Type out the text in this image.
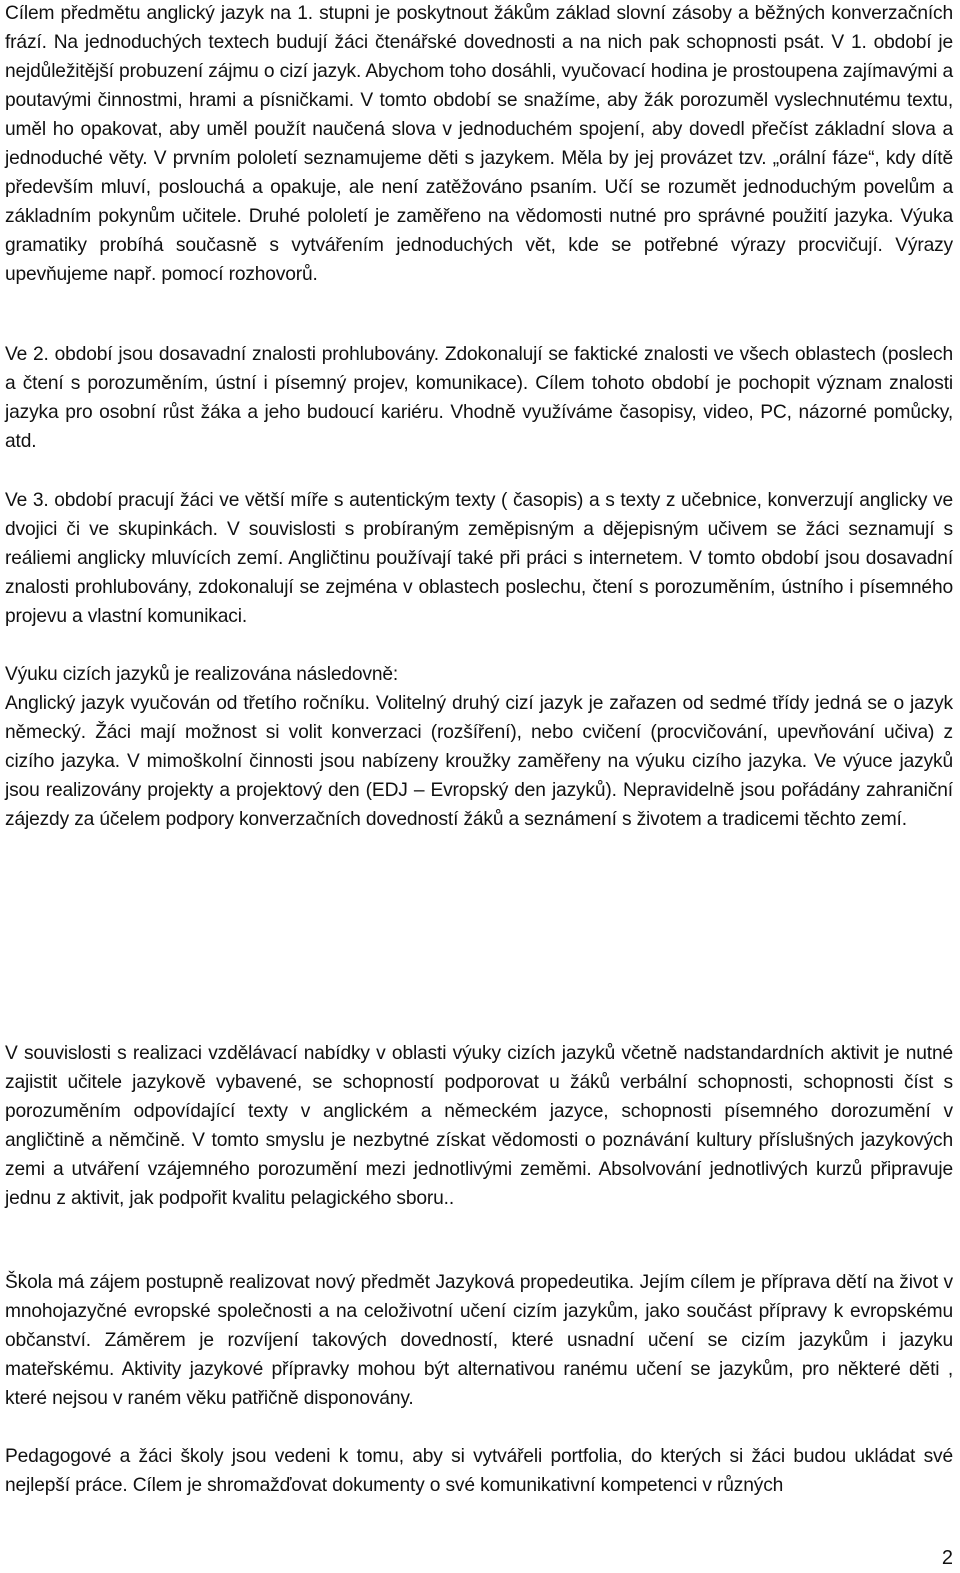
Cílem předmětu anglický jazyk na 1. stupni je poskytnout žákům základ slovní zásoby a běžných konverzačních frází. Na jednoduchých textech budují žáci čtenářské dovednosti a na nich pak schopnosti psát. V 1. období je nejdůležitější probuzení zájmu o cizí jazyk. Abychom toho dosáhli, vyučovací hodina je prostoupena zajímavými a poutavými činnostmi, hrami a písničkami. V tomto období se snažíme, aby žák porozuměl vyslechnutému textu, uměl ho opakovat, aby uměl použít naučená slova v jednoduchém spojení, aby dovedl přečíst základní slova a jednoduché věty. V prvním pololetí seznamujeme děti s jazykem. Měla by jej provázet tzv. „orální fáze“, kdy dítě především mluví, poslouchá a opakuje, ale není zatěžováno psaním. Učí se rozumět jednoduchým povelům a základním pokynům učitele. Druhé pololetí je zaměřeno na vědomosti nutné pro správné použití jazyka. Výuka gramatiky probíhá současně s vytvářením jednoduchých vět, kde se potřebné výrazy procvičují. Výrazy upevňujeme např. pomocí rozhovorů.

Ve 2. období jsou dosavadní znalosti prohlubovány. Zdokonalují se faktické znalosti ve všech oblastech (poslech a čtení s porozuměním, ústní i písemný projev, komunikace). Cílem tohoto období je pochopit význam znalosti jazyka pro osobní růst žáka a jeho budoucí kariéru. Vhodně využíváme časopisy, video, PC, názorné pomůcky, atd.

Ve 3. období pracují žáci ve větší míře s autentickým texty ( časopis) a s texty z učebnice, konverzují anglicky ve dvojici či ve skupinkách. V souvislosti s probíraným zeměpisným a dějepisným učivem se žáci seznamují s reáliemi anglicky mluvících zemí. Angličtinu používají také při práci s internetem. V tomto období jsou dosavadní znalosti prohlubovány, zdokonalují se zejména v oblastech poslechu, čtení s porozuměním, ústního i písemného projevu a vlastní komunikaci.

Výuku cizích jazyků je realizována následovně:
Anglický jazyk vyučován od třetího ročníku. Volitelný druhý cizí jazyk je zařazen od sedmé třídy jedná se o jazyk německý. Žáci mají možnost si volit konverzaci (rozšíření), nebo cvičení (procvičování, upevňování učiva) z cizího jazyka. V mimoškolní činnosti jsou nabízeny kroužky zaměřeny na výuku cizího jazyka. Ve výuce jazyků jsou realizovány projekty a projektový den (EDJ – Evropský den jazyků). Nepravidelně jsou pořádány zahraniční zájezdy za účelem podpory konverzačních dovedností žáků a seznámení s životem a tradicemi těchto zemí.

V souvislosti s realizaci vzdělávací nabídky v oblasti výuky cizích jazyků včetně nadstandardních aktivit je nutné zajistit učitele jazykově vybavené, se schopností podporovat u žáků verbální schopnosti, schopnosti číst s porozuměním odpovídající texty v anglickém a německém jazyce, schopnosti písemného dorozumění v angličtině a němčině. V tomto smyslu je nezbytné získat vědomosti o poznávání kultury příslušných jazykových zemi a utváření vzájemného porozumění mezi jednotlivými zeměmi. Absolvování jednotlivých kurzů připravuje jednu z aktivit, jak podpořit kvalitu pelagického sboru..

Škola má zájem postupně realizovat nový předmět Jazyková propedeutika. Jejím cílem je příprava dětí na život v mnohojazyčné evropské společnosti a na celoživotní učení cizím jazykům, jako součást přípravy k evropskému občanství. Záměrem je rozvíjení takových dovedností, které usnadní učení se cizím jazykům i jazyku mateřskému. Aktivity jazykové přípravky mohou být alternativou ranému učení se jazykům, pro některé děti , které nejsou v raném věku patřičně disponovány.

Pedagogové a žáci školy jsou vedeni k tomu, aby si vytvářeli portfolia, do kterých si žáci budou ukládat své nejlepší práce. Cílem je shromažďovat dokumenty o své komunikativní kompetenci v různých

2
